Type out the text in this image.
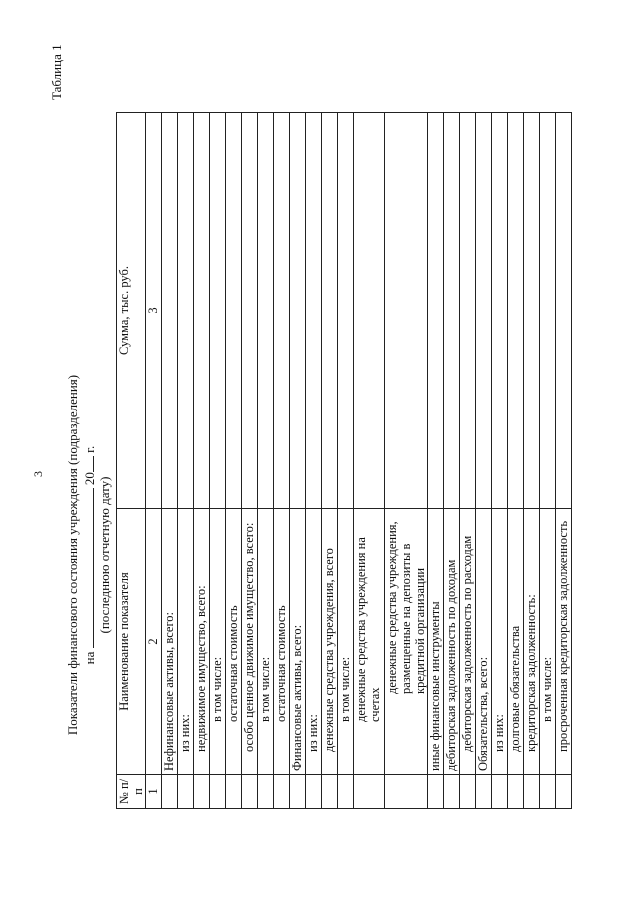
Таблица 1
3 Показатели финансового состояния учреждения (подразделения) на  20 г.
(последнюю отчетную дату)
№ п/п	Наименование показателя	Сумма, тыс. руб.
1	2	3
	Нефинансовые активы, всего:	
	из них:	
	недвижимое имущество, всего:	
	в том числе:	
	остаточная стоимость	
	особо ценное движимое имущество, всего:	
	в том числе:	
	остаточная стоимость	
	Финансовые активы, всего:	
	из них:	
	денежные средства учреждения, всего	
	в том числе:	
	денежные средства учреждения на счетах	
	денежные средства учреждения, размещенные на депозиты в кредитной организации	
	иные финансовые инструменты	
	дебиторская задолженность по доходам	
	дебиторская задолженность по расходам	
	Обязательства, всего:	
	из них:	
	долговые обязательства	
	кредиторская задолженность:	
	в том числе:	
	просроченная кредиторская задолженность	
